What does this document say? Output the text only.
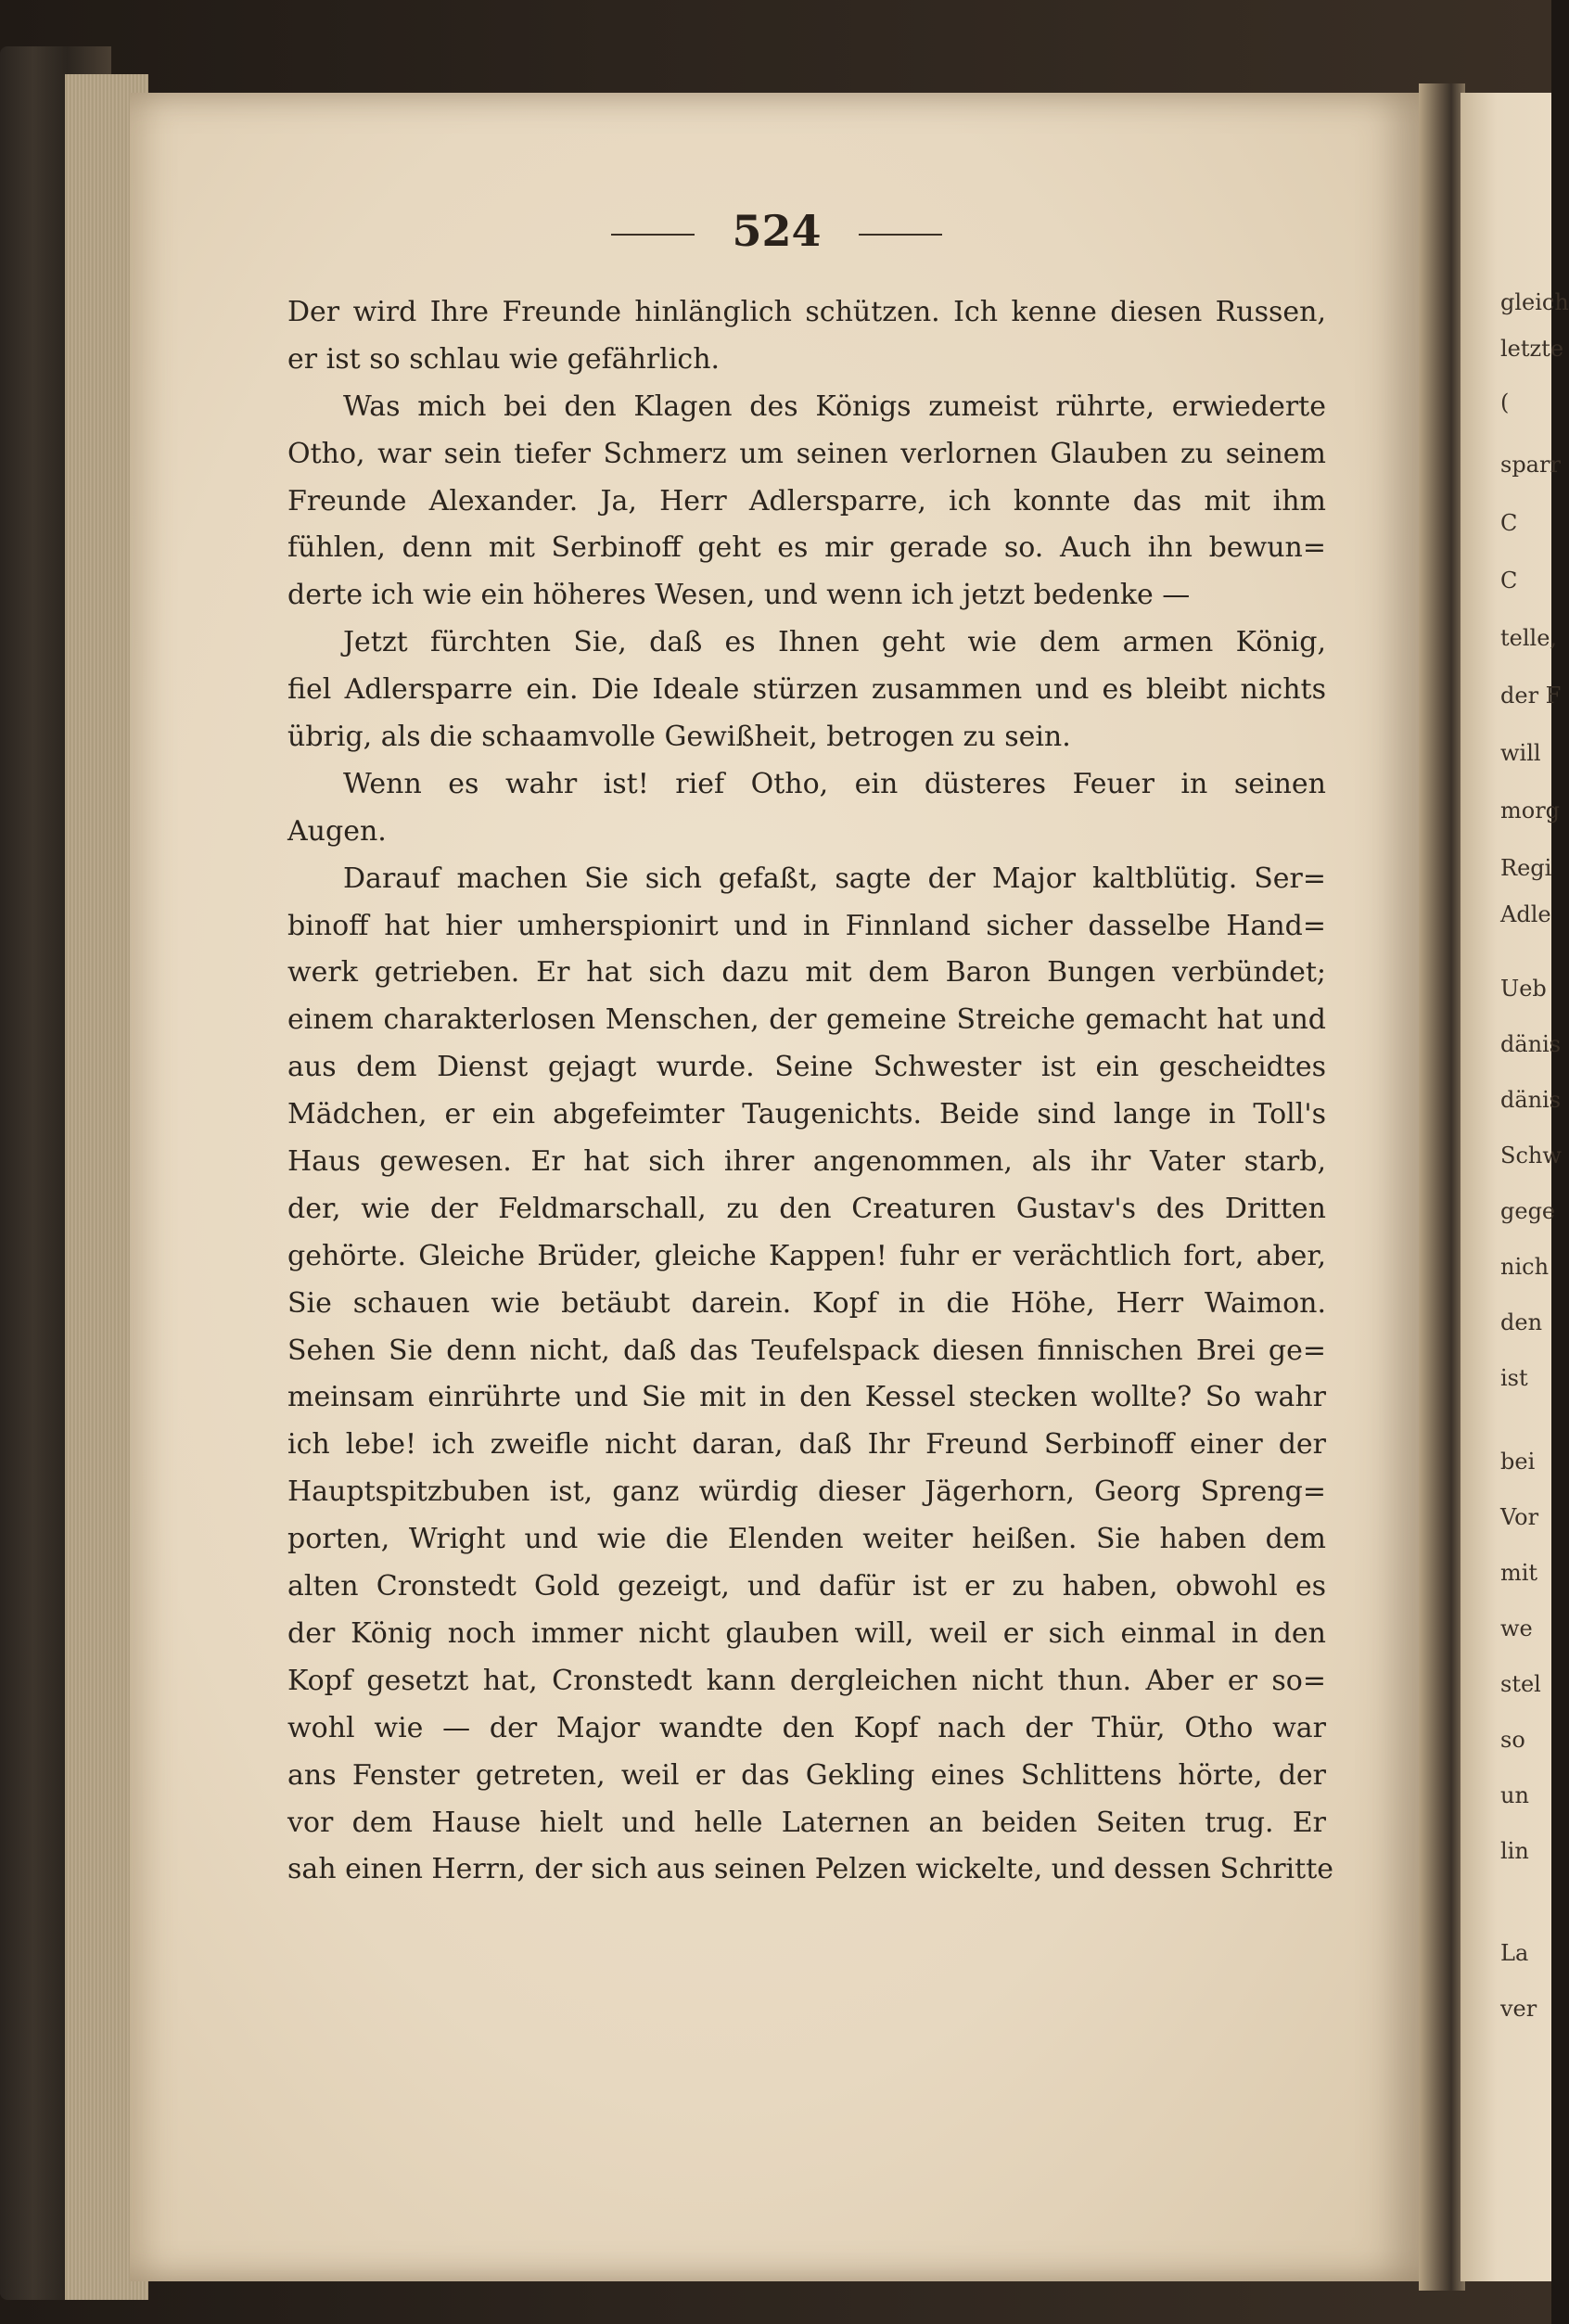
524
Der wird Ihre Freunde hinlänglich schützen. Ich kenne diesen Russen,
er ist so schlau wie gefährlich.
Was mich bei den Klagen des Königs zumeist rührte, erwiederte
Otho, war sein tiefer Schmerz um seinen verlornen Glauben zu seinem
Freunde Alexander. Ja, Herr Adlersparre, ich konnte das mit ihm
fühlen, denn mit Serbinoff geht es mir gerade so. Auch ihn bewun=
derte ich wie ein höheres Wesen, und wenn ich jetzt bedenke —
Jetzt fürchten Sie, daß es Ihnen geht wie dem armen König,
fiel Adlersparre ein. Die Ideale stürzen zusammen und es bleibt nichts
übrig, als die schaamvolle Gewißheit, betrogen zu sein.
Wenn es wahr ist! rief Otho, ein düsteres Feuer in seinen
Augen.
Darauf machen Sie sich gefaßt, sagte der Major kaltblütig. Ser=
binoff hat hier umherspionirt und in Finnland sicher dasselbe Hand=
werk getrieben. Er hat sich dazu mit dem Baron Bungen verbündet;
einem charakterlosen Menschen, der gemeine Streiche gemacht hat und
aus dem Dienst gejagt wurde. Seine Schwester ist ein gescheidtes
Mädchen, er ein abgefeimter Taugenichts. Beide sind lange in Toll's
Haus gewesen. Er hat sich ihrer angenommen, als ihr Vater starb,
der, wie der Feldmarschall, zu den Creaturen Gustav's des Dritten
gehörte. Gleiche Brüder, gleiche Kappen! fuhr er verächtlich fort, aber,
Sie schauen wie betäubt darein. Kopf in die Höhe, Herr Waimon.
Sehen Sie denn nicht, daß das Teufelspack diesen finnischen Brei ge=
meinsam einrührte und Sie mit in den Kessel stecken wollte? So wahr
ich lebe! ich zweifle nicht daran, daß Ihr Freund Serbinoff einer der
Hauptspitzbuben ist, ganz würdig dieser Jägerhorn, Georg Spreng=
porten, Wright und wie die Elenden weiter heißen. Sie haben dem
alten Cronstedt Gold gezeigt, und dafür ist er zu haben, obwohl es
der König noch immer nicht glauben will, weil er sich einmal in den
Kopf gesetzt hat, Cronstedt kann dergleichen nicht thun. Aber er so=
wohl wie — der Major wandte den Kopf nach der Thür, Otho war
ans Fenster getreten, weil er das Gekling eines Schlittens hörte, der
vor dem Hause hielt und helle Laternen an beiden Seiten trug. Er
sah einen Herrn, der sich aus seinen Pelzen wickelte, und dessen Schritte
gleich
letzte
(
sparr
C
C
telle,
der F
will
morg
Regi
Adle
Ueb
dänis
dänis
Schw
gege
nich
den
ist
bei
Vor
mit
we
stel
so
un
lin
La
ver
